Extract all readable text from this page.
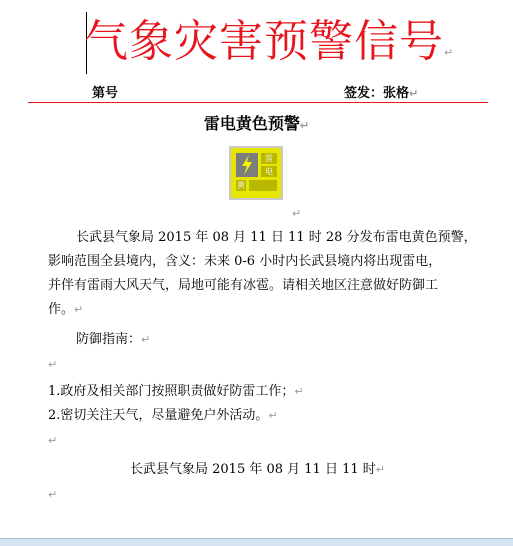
气象灾害预警信号↵
第号	签发：张格↵
雷电黄色预警↵
雷
电
黄
↵
长武县气象局 2015 年 08 月 11 日 11 时 28 分发布雷电黄色预警，
影响范围全县境内，含义：未来 0-6 小时内长武县境内将出现雷电，
并伴有雷雨大风天气，局地可能有冰雹。请相关地区注意做好防御工
作。↵
防御指南：↵
↵
1.政府及相关部门按照职责做好防雷工作；↵
2.密切关注天气，尽量避免户外活动。↵
↵
长武县气象局 2015 年 08 月 11 日 11 时↵
↵
